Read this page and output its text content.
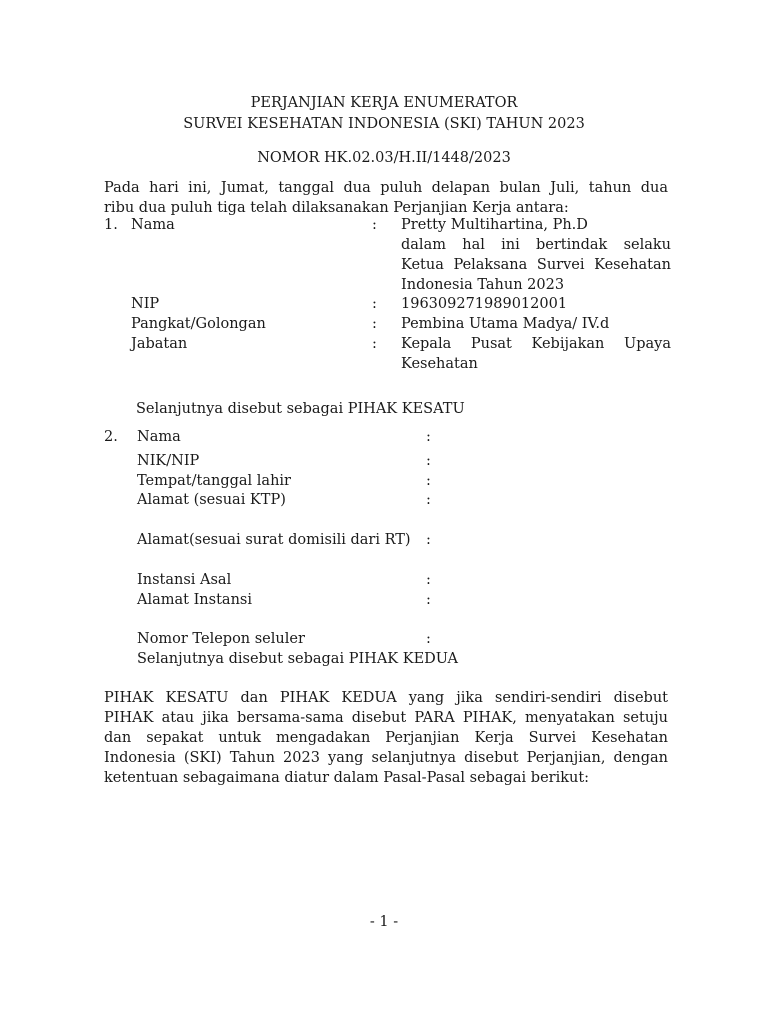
PERJANJIAN KERJA ENUMERATOR
SURVEI KESEHATAN INDONESIA (SKI) TAHUN 2023
NOMOR HK.02.03/H.II/1448/2023
Pada hari ini, Jumat, tanggal dua puluh delapan bulan Juli, tahun dua
ribu dua puluh tiga telah dilaksanakan Perjanjian Kerja antara:
1. Nama	: Pretty Multihartina, Ph.D
dalam hal ini bertindak selaku
Ketua Pelaksana Survei Kesehatan
Indonesia Tahun 2023
NIP	: 196309271989012001
Pangkat/Golongan	: Pembina Utama Madya/ IV.d
Jabatan	: Kepala Pusat Kebijakan Upaya
Kesehatan
Selanjutnya disebut sebagai PIHAK KESATU
2. Nama	:
NIK/NIP	:
Tempat/tanggal lahir	:
Alamat (sesuai KTP)	:
Alamat(sesuai surat domisili dari RT) :
Instansi Asal	:
Alamat Instansi	:
Nomor Telepon seluler	:
Selanjutnya disebut sebagai PIHAK KEDUA
PIHAK KESATU dan PIHAK KEDUA yang jika sendiri-sendiri disebut
PIHAK atau jika bersama-sama disebut PARA PIHAK, menyatakan setuju
dan sepakat untuk mengadakan Perjanjian Kerja Survei Kesehatan
Indonesia (SKI) Tahun 2023 yang selanjutnya disebut Perjanjian, dengan
ketentuan sebagaimana diatur dalam Pasal-Pasal sebagai berikut:
- 1 -
